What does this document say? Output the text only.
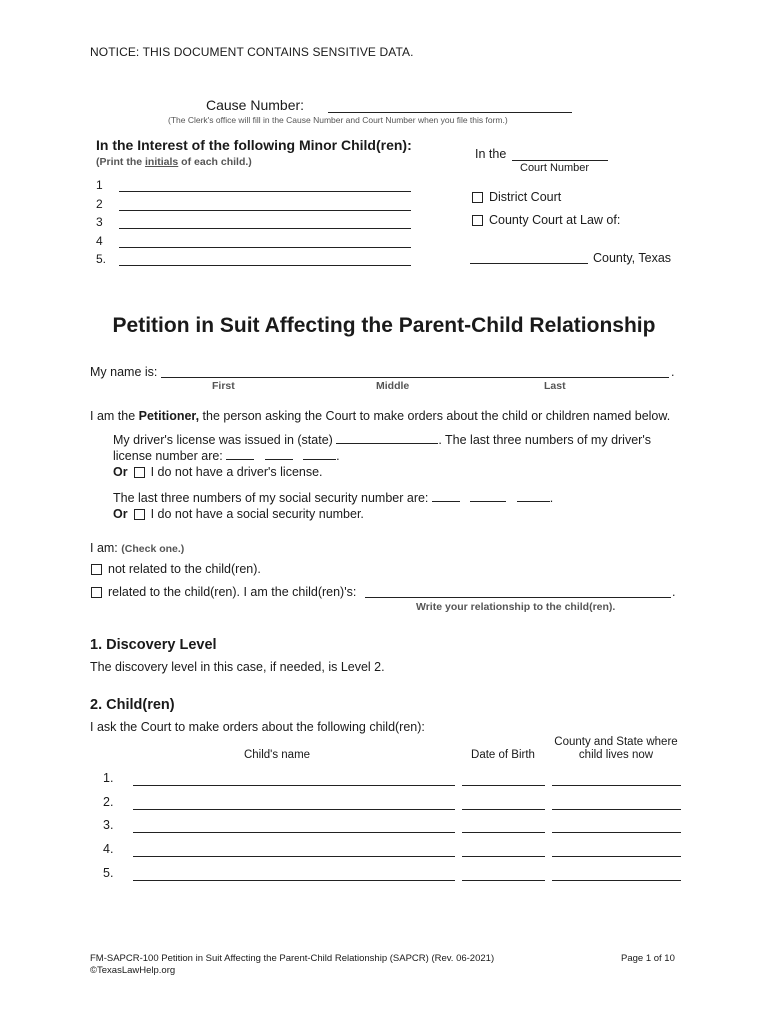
NOTICE: THIS DOCUMENT CONTAINS SENSITIVE DATA.
Cause Number:
(The Clerk's office will fill in the Cause Number and Court Number when you file this form.)
In the Interest of the following Minor Child(ren):
(Print the initials of each child.)
1
2
3
4
5.
In the
Court Number
District Court
County Court at Law of:
County, Texas
Petition in Suit Affecting the Parent-Child Relationship
My name is:	.
First	Middle	Last
I am the Petitioner, the person asking the Court to make orders about the child or children named below.
My driver's license was issued in (state)	. The last three numbers of my driver's
license number are:	.
Or I do not have a driver's license.
The last three numbers of my social security number are:	.
Or I do not have a social security number.
I am: (Check one.)
not related to the child(ren).
related to the child(ren). I am the child(ren)'s:	.
Write your relationship to the child(ren).
1. Discovery Level
The discovery level in this case, if needed, is Level 2.
2. Child(ren)
I ask the Court to make orders about the following child(ren):
Child's name	Date of Birth
County and State where
child lives now
1.
2.
3.
4.
5.
FM-SAPCR-100 Petition in Suit Affecting the Parent-Child Relationship (SAPCR) (Rev. 06-2021)
©TexasLawHelp.org
Page 1 of 10
